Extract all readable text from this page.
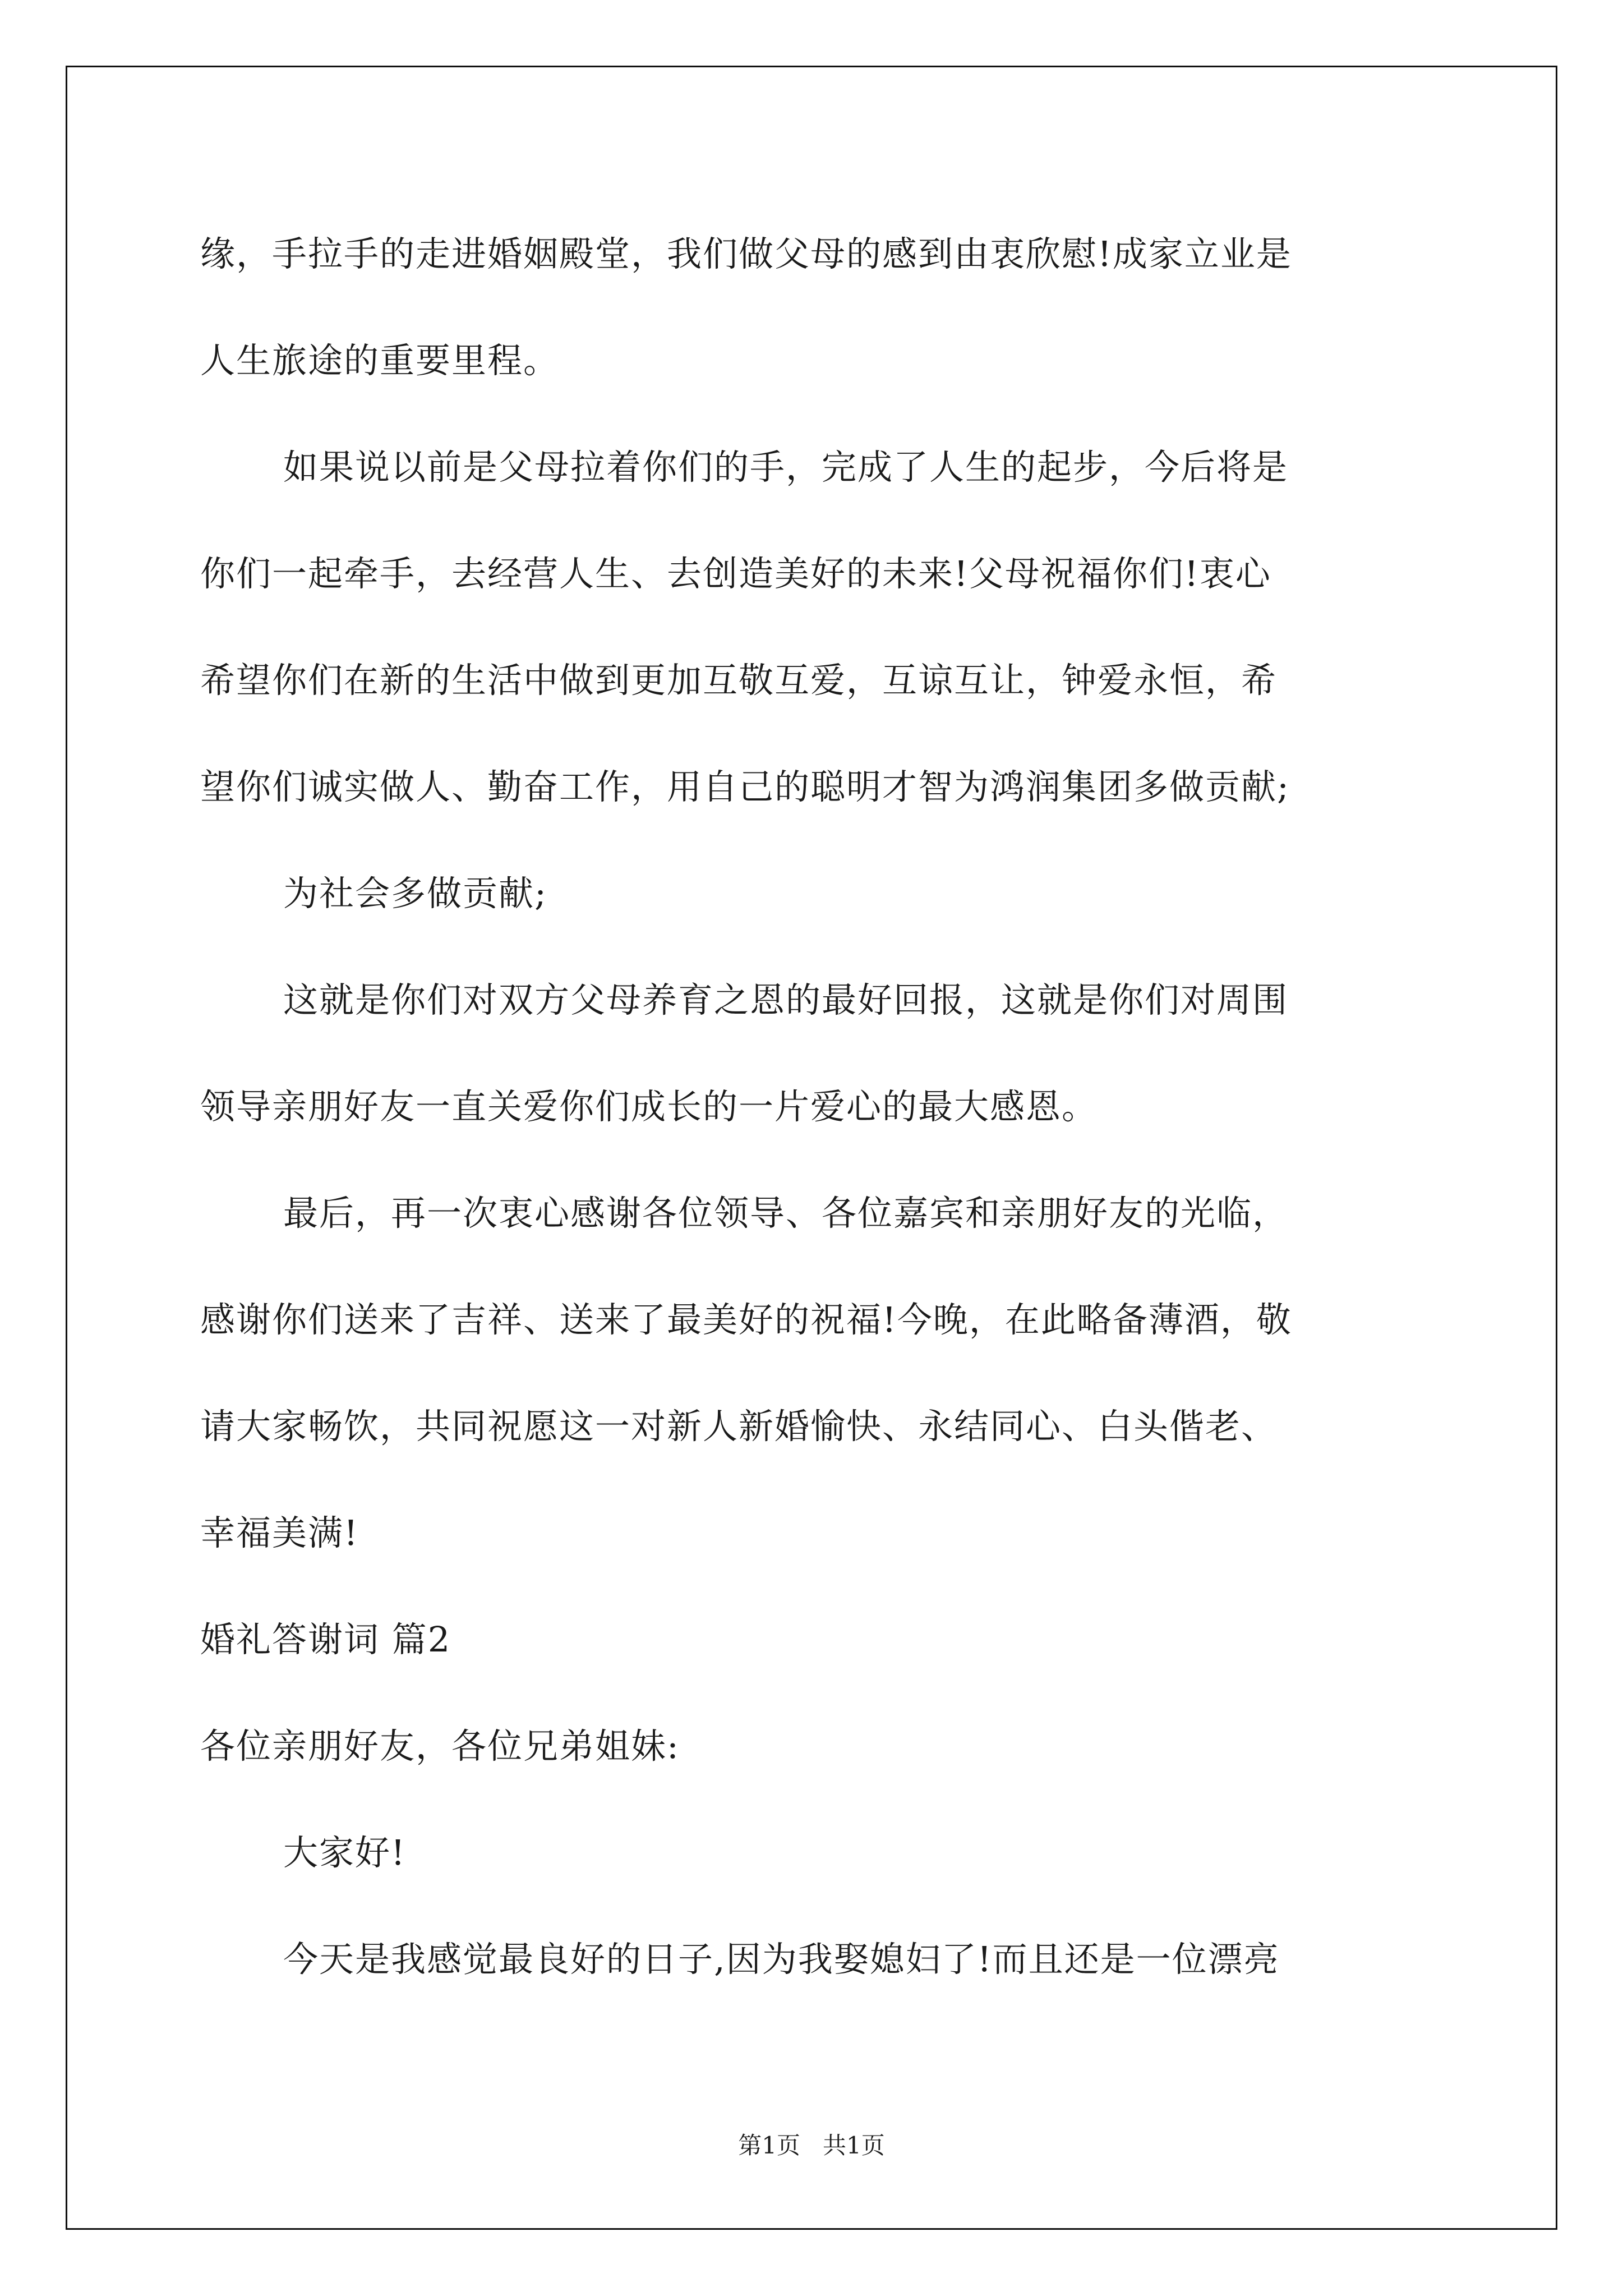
缘，手拉手的走进婚姻殿堂，我们做父母的感到由衷欣慰!成家立业是
人生旅途的重要里程。
如果说以前是父母拉着你们的手，完成了人生的起步，今后将是
你们一起牵手，去经营人生、去创造美好的未来!父母祝福你们!衷心
希望你们在新的生活中做到更加互敬互爱，互谅互让，钟爱永恒，希
望你们诚实做人、勤奋工作，用自己的聪明才智为鸿润集团多做贡献;
为社会多做贡献;
这就是你们对双方父母养育之恩的最好回报，这就是你们对周围
领导亲朋好友一直关爱你们成长的一片爱心的最大感恩。
最后，再一次衷心感谢各位领导、各位嘉宾和亲朋好友的光临，
感谢你们送来了吉祥、送来了最美好的祝福!今晚，在此略备薄酒，敬
请大家畅饮，共同祝愿这一对新人新婚愉快、永结同心、白头偕老、
幸福美满!
婚礼答谢词 篇2
各位亲朋好友，各位兄弟姐妹:
大家好!
今天是我感觉最良好的日子,因为我娶媳妇了!而且还是一位漂亮
第1页   共1页
